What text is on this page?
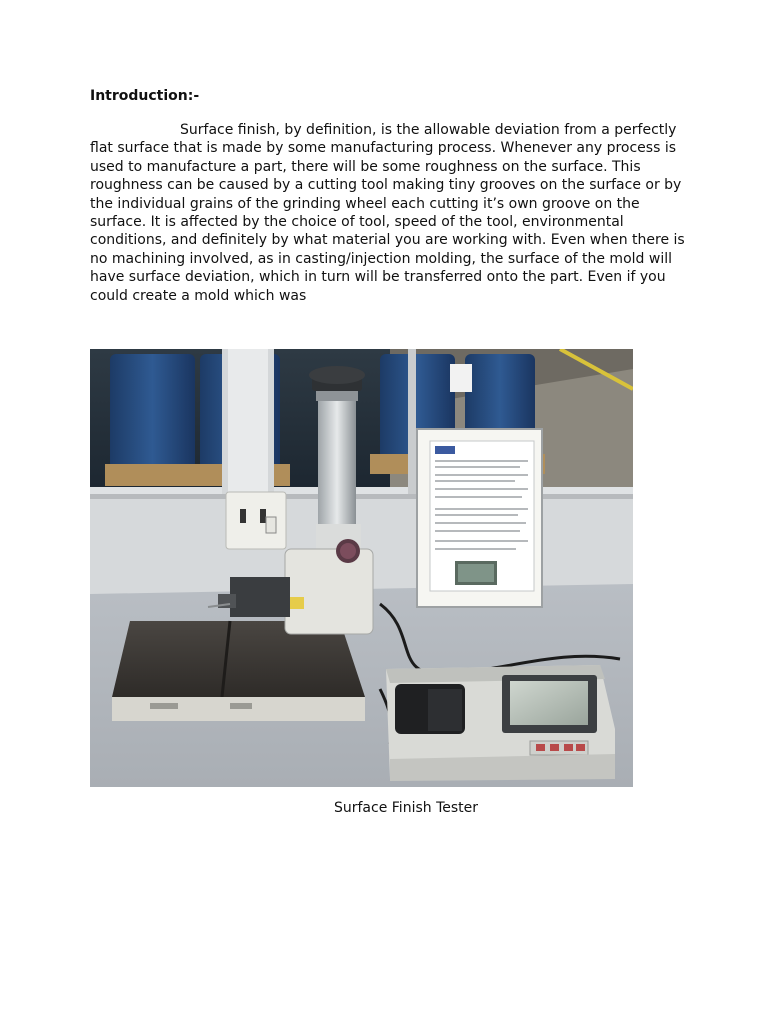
Introduction:-

Surface finish, by definition, is the allowable deviation from a perfectly
flat surface that is made by some manufacturing process. Whenever any process is
used to manufacture a part, there will be some roughness on the surface. This
roughness can be caused by a cutting tool making tiny grooves on the surface or by
the individual grains of the grinding wheel each cutting it’s own groove on the
surface. It is affected by the choice of tool, speed of the tool, environmental
conditions, and definitely by what material you are working with. Even when there is
no machining involved, as in casting/injection molding, the surface of the mold will
have surface deviation, which in turn will be transferred onto the part. Even if you
could create a mold which was

Surface Finish Tester
